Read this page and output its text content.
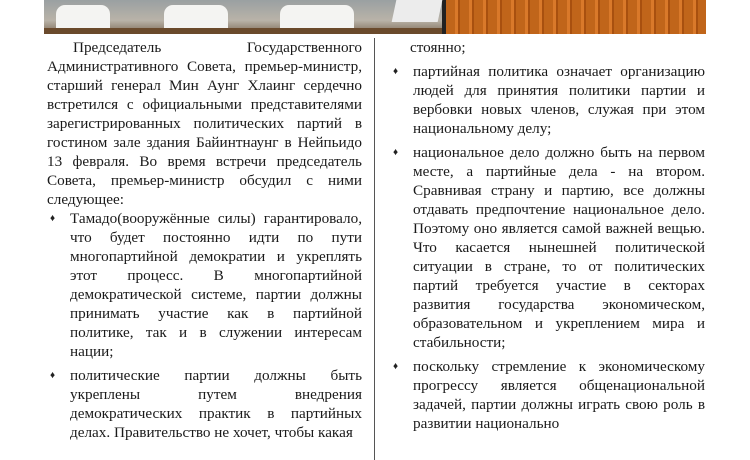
Председатель Государственного Административного Совета, премьер-министр, старший генерал Мин Аунг Хлаинг сердечно встретился с официальными представителями зарегистрированных политических партий в гостином зале здания Байинтнаунг в Нейпьидо 13 февраля. Во время встречи председатель Совета, премьер-министр обсудил с ними следующее:

♦ Тамадо(вооружённые силы) гарантировало, что будет постоянно идти по пути многопартийной демократии и укреплять этот процесс. В многопартийной демократической системе, партии должны принимать участие как в партийной политике, так и в служении интересам нации;
♦ политические партии должны быть укреплены путем внедрения демократических практик в партийных делах. Правительство не хочет, чтобы какая

стоянно;

♦ партийная политика означает организацию людей для принятия политики партии и вербовки новых членов, служая при этом национальному делу;
♦ национальное дело должно быть на первом месте, а партийные дела - на втором. Сравнивая страну и партию, все должны отдавать предпочтение национальное дело. Поэтому оно является самой важней вещью. Что касается нынешней политической ситуации в стране, то от политических партий требуется участие в секторах развития государства экономическом, образовательном и укреплением мира и стабильности;
♦ поскольку стремление к экономическому прогрессу является общенациональной задачей, партии должны играть свою роль в развитии национально
